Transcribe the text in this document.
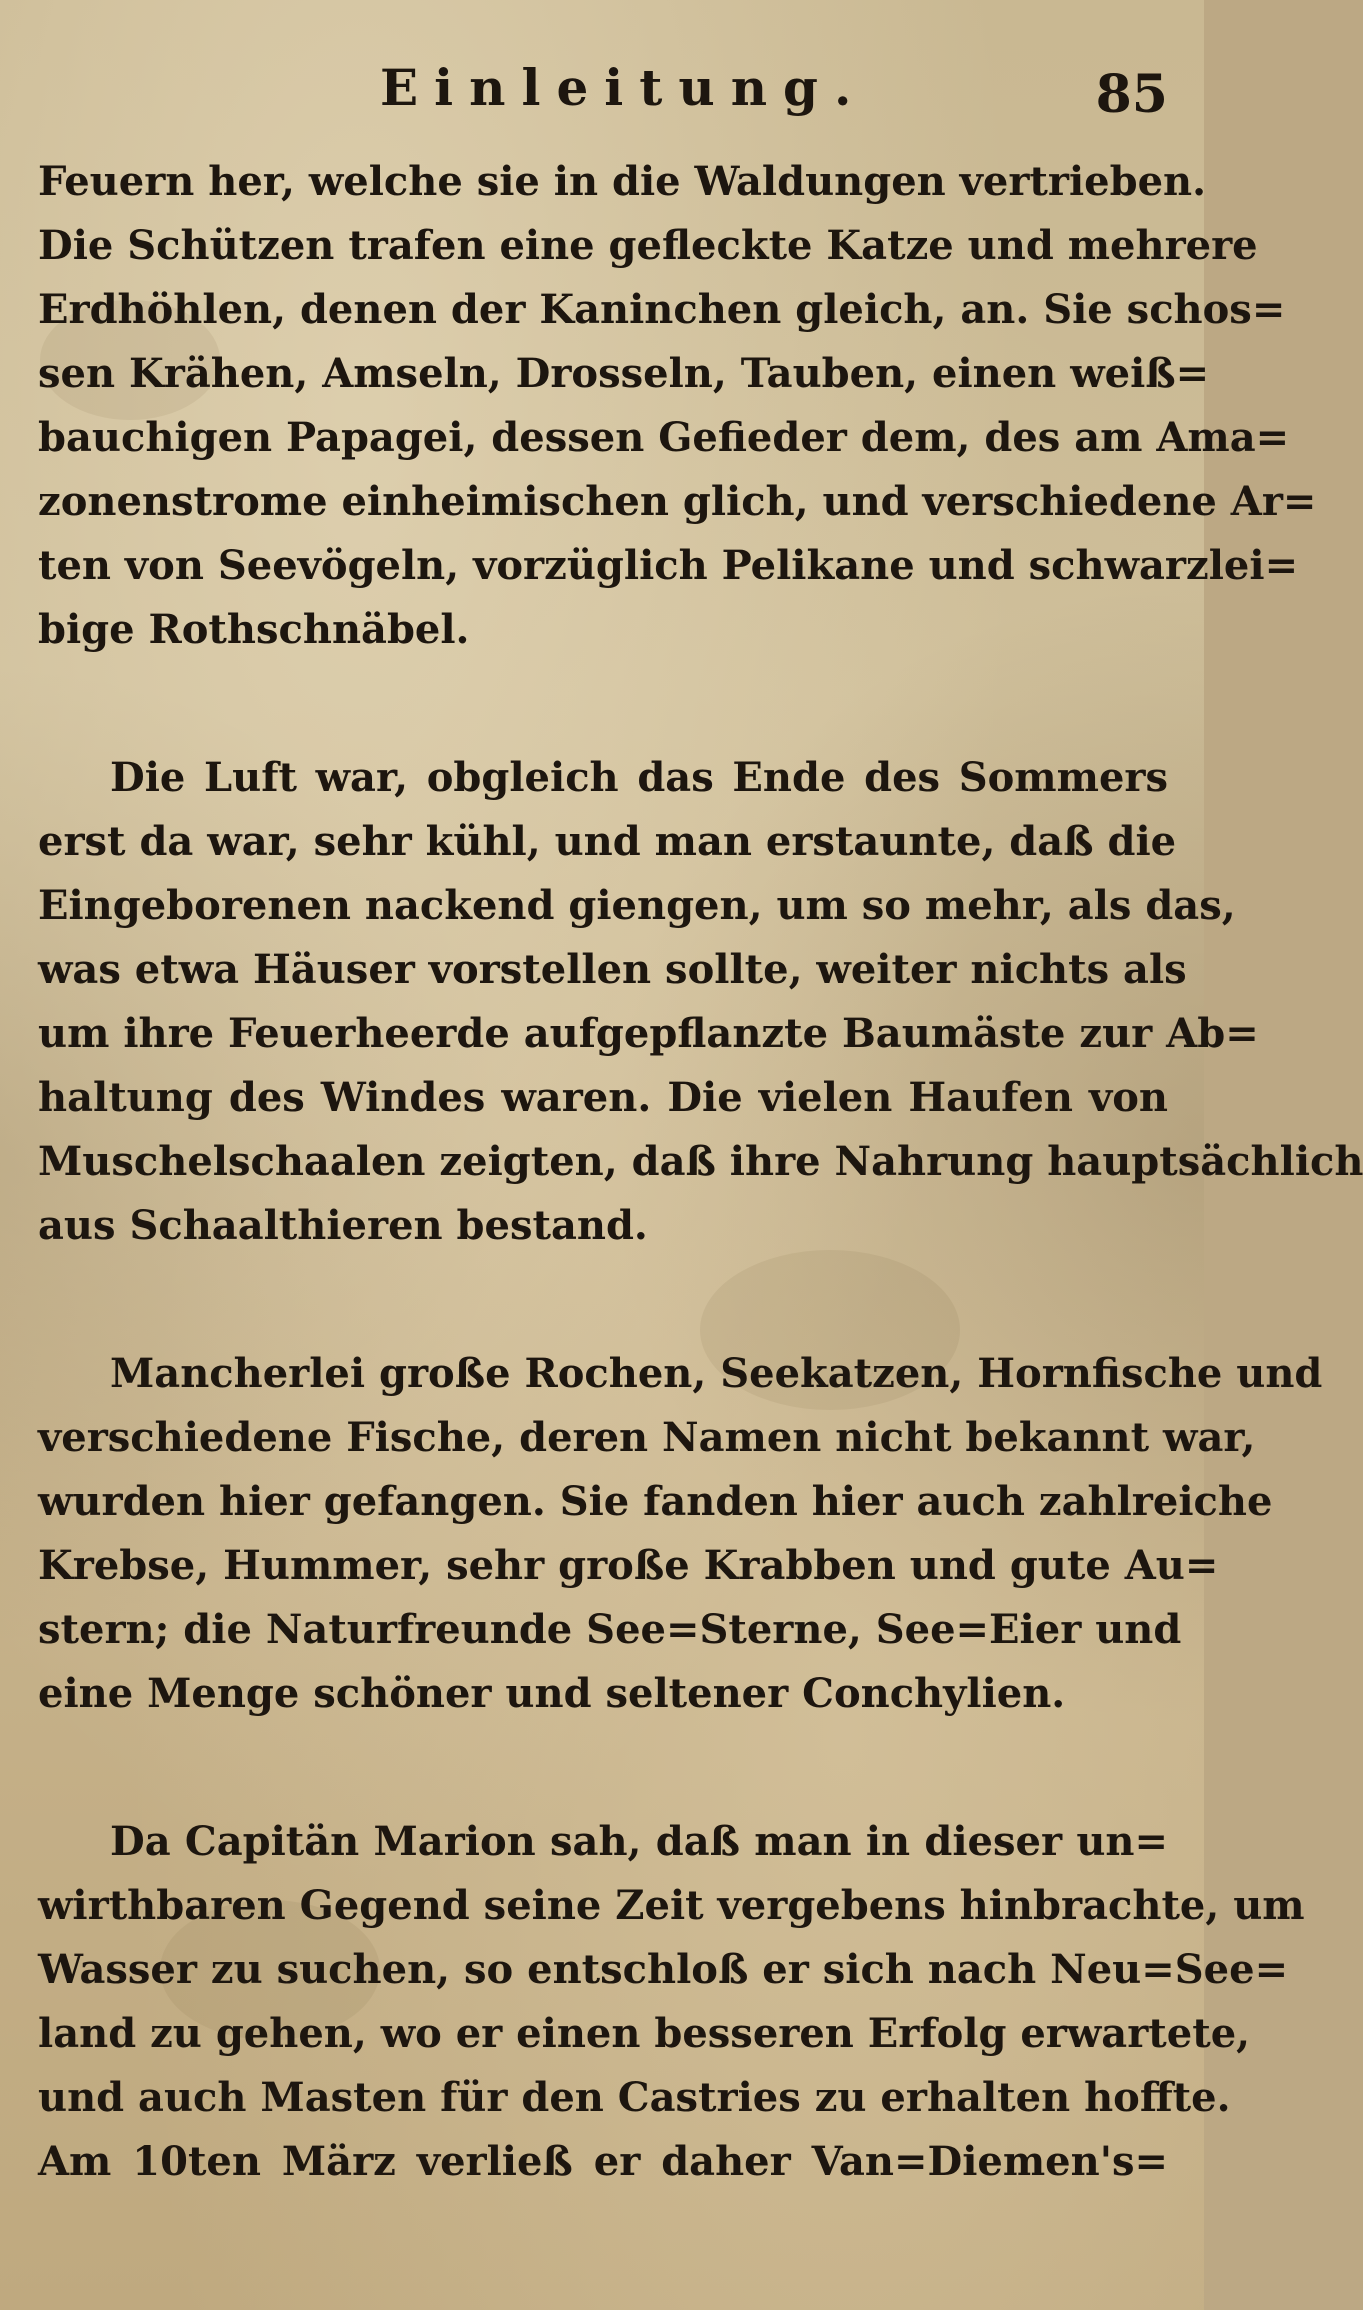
Einleitung.	85
Feuern her, welche sie in die Waldungen vertrieben.
Die Schützen trafen eine gefleckte Katze und mehrere
Erdhöhlen, denen der Kaninchen gleich, an. Sie schos=
sen Krähen, Amseln, Drosseln, Tauben, einen weiß=
bauchigen Papagei, dessen Gefieder dem, des am Ama=
zonenstrome einheimischen glich, und verschiedene Ar=
ten von Seevögeln, vorzüglich Pelikane und schwarzlei=
bige Rothschnäbel.
Die Luft war, obgleich das Ende des Sommers
erst da war, sehr kühl, und man erstaunte, daß die
Eingeborenen nackend giengen, um so mehr, als das,
was etwa Häuser vorstellen sollte, weiter nichts als
um ihre Feuerheerde aufgepflanzte Baumäste zur Ab=
haltung des Windes waren. Die vielen Haufen von
Muschelschaalen zeigten, daß ihre Nahrung hauptsächlich
aus Schaalthieren bestand.
Mancherlei große Rochen, Seekatzen, Hornfische und
verschiedene Fische, deren Namen nicht bekannt war,
wurden hier gefangen. Sie fanden hier auch zahlreiche
Krebse, Hummer, sehr große Krabben und gute Au=
stern; die Naturfreunde See=Sterne, See=Eier und
eine Menge schöner und seltener Conchylien.
Da Capitän Marion sah, daß man in dieser un=
wirthbaren Gegend seine Zeit vergebens hinbrachte, um
Wasser zu suchen, so entschloß er sich nach Neu=See=
land zu gehen, wo er einen besseren Erfolg erwartete,
und auch Masten für den Castries zu erhalten hoffte.
Am 10ten März verließ er daher Van=Diemen's=
